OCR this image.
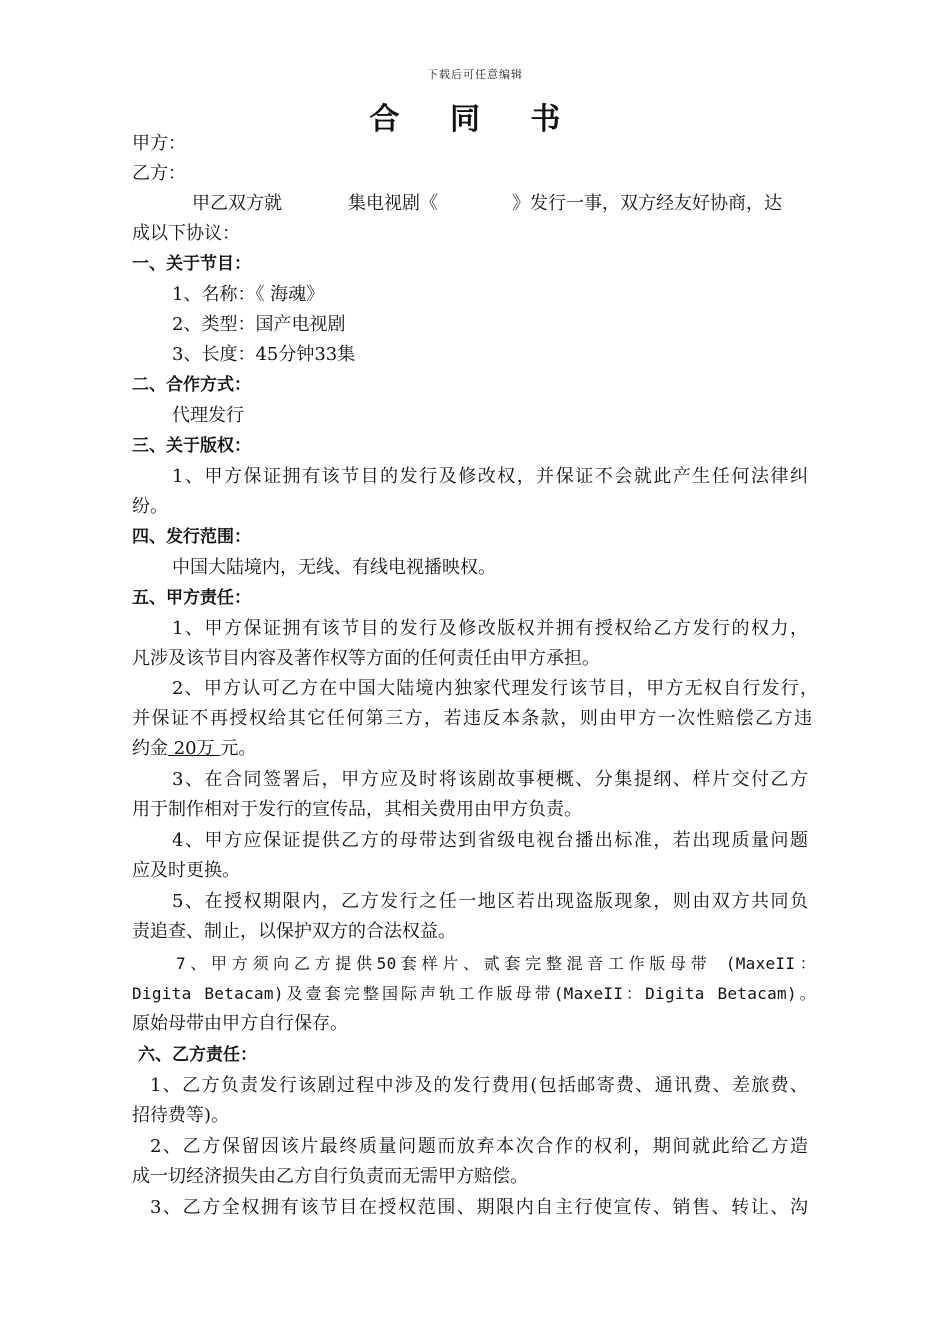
下载后可任意编辑
合 同 书
甲方：
乙方：
甲乙双方就	集电视剧《	》发行一事，双方经友好协商，达
成以下协议：
一、关于节目：
1、名称：《 海魂》
2、类型：国产电视剧
3、长度：45分钟33集
二、合作方式：
代理发行
三、关于版权：
1、甲方保证拥有该节目的发行及修改权，并保证不会就此产生任何法律纠
纷。
四、发行范围：
中国大陆境内，无线、有线电视播映权。
五、甲方责任：
1、甲方保证拥有该节目的发行及修改版权并拥有授权给乙方发行的权力，
凡涉及该节目内容及著作权等方面的任何责任由甲方承担。
2、甲方认可乙方在中国大陆境内独家代理发行该节目，甲方无权自行发行，
并保证不再授权给其它任何第三方，若违反本条款，则由甲方一次性赔偿乙方违
约金 20万 元。
3、在合同签署后，甲方应及时将该剧故事梗概、分集提纲、样片交付乙方
用于制作相对于发行的宣传品，其相关费用由甲方负责。
4、甲方应保证提供乙方的母带达到省级电视台播出标准，若出现质量问题
应及时更换。
5、在授权期限内，乙方发行之任一地区若出现盗版现象，则由双方共同负
责追查、制止，以保护双方的合法权益。
7、甲方须向乙方提供50套样片、贰套完整混音工作版母带 (MaxeII：
Digita Betacam)及壹套完整国际声轨工作版母带(MaxeII：Digita Betacam)。
原始母带由甲方自行保存。
六、乙方责任：
1、乙方负责发行该剧过程中涉及的发行费用(包括邮寄费、通讯费、差旅费、
招待费等)。
2、乙方保留因该片最终质量问题而放弃本次合作的权利，期间就此给乙方造
成一切经济损失由乙方自行负责而无需甲方赔偿。
3、乙方全权拥有该节目在授权范围、期限内自主行使宣传、销售、转让、沟
